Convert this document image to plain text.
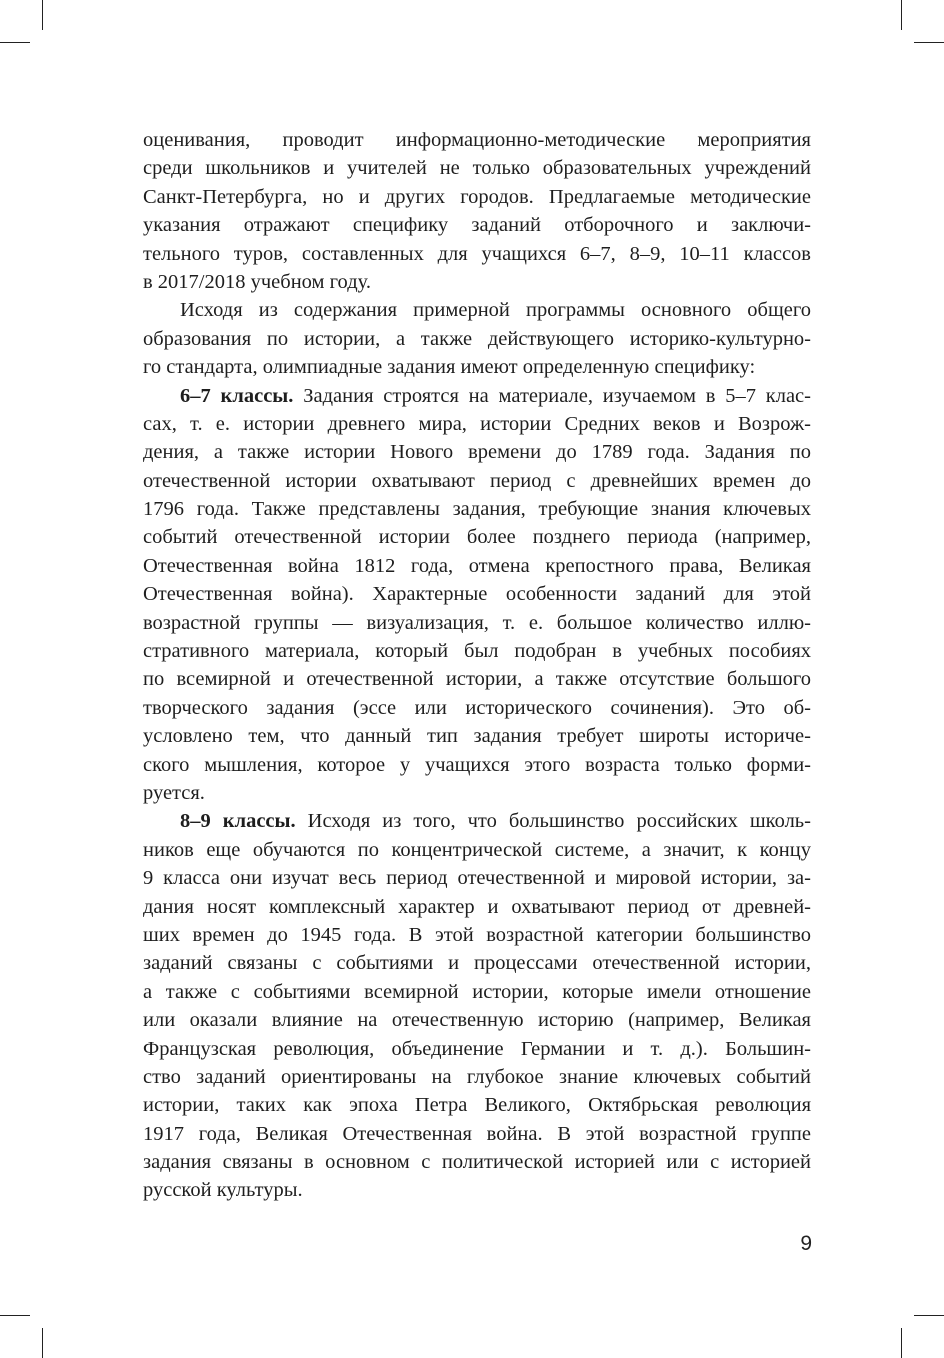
оценивания, проводит информационно-методические мероприятия
среди школьников и учителей не только образовательных учреждений
Санкт-Петербурга, но и других городов. Предлагаемые методические
указания отражают специфику заданий отборочного и заключи-
тельного туров, составленных для учащихся 6–7, 8–9, 10–11 классов
в 2017/2018 учебном году.
Исходя из содержания примерной программы основного общего
образования по истории, а также действующего историко-культурно-
го стандарта, олимпиадные задания имеют определенную специфику:
6–7 классы. Задания строятся на материале, изучаемом в 5–7 клас-
сах, т. е. истории древнего мира, истории Средних веков и Возрож-
дения, а также истории Нового времени до 1789 года. Задания по
отечественной истории охватывают период с древнейших времен до
1796 года. Также представлены задания, требующие знания ключевых
событий отечественной истории более позднего периода (например,
Отечественная война 1812 года, отмена крепостного права, Великая
Отечественная война). Характерные особенности заданий для этой
возрастной группы — визуализация, т. е. большое количество иллю-
стративного материала, который был подобран в учебных пособиях
по всемирной и отечественной истории, а также отсутствие большого
творческого задания (эссе или исторического сочинения). Это об-
условлено тем, что данный тип задания требует широты историче-
ского мышления, которое у учащихся этого возраста только форми-
руется.
8–9 классы. Исходя из того, что большинство российских школь-
ников еще обучаются по концентрической системе, а значит, к концу
9 класса они изучат весь период отечественной и мировой истории, за-
дания носят комплексный характер и охватывают период от древней-
ших времен до 1945 года. В этой возрастной категории большинство
заданий связаны с событиями и процессами отечественной истории,
а также с событиями всемирной истории, которые имели отношение
или оказали влияние на отечественную историю (например, Великая
Французская революция, объединение Германии и т. д.). Большин-
ство заданий ориентированы на глубокое знание ключевых событий
истории, таких как эпоха Петра Великого, Октябрьская революция
1917 года, Великая Отечественная война. В этой возрастной группе
задания связаны в основном с политической историей или с историей
русской культуры.
9
